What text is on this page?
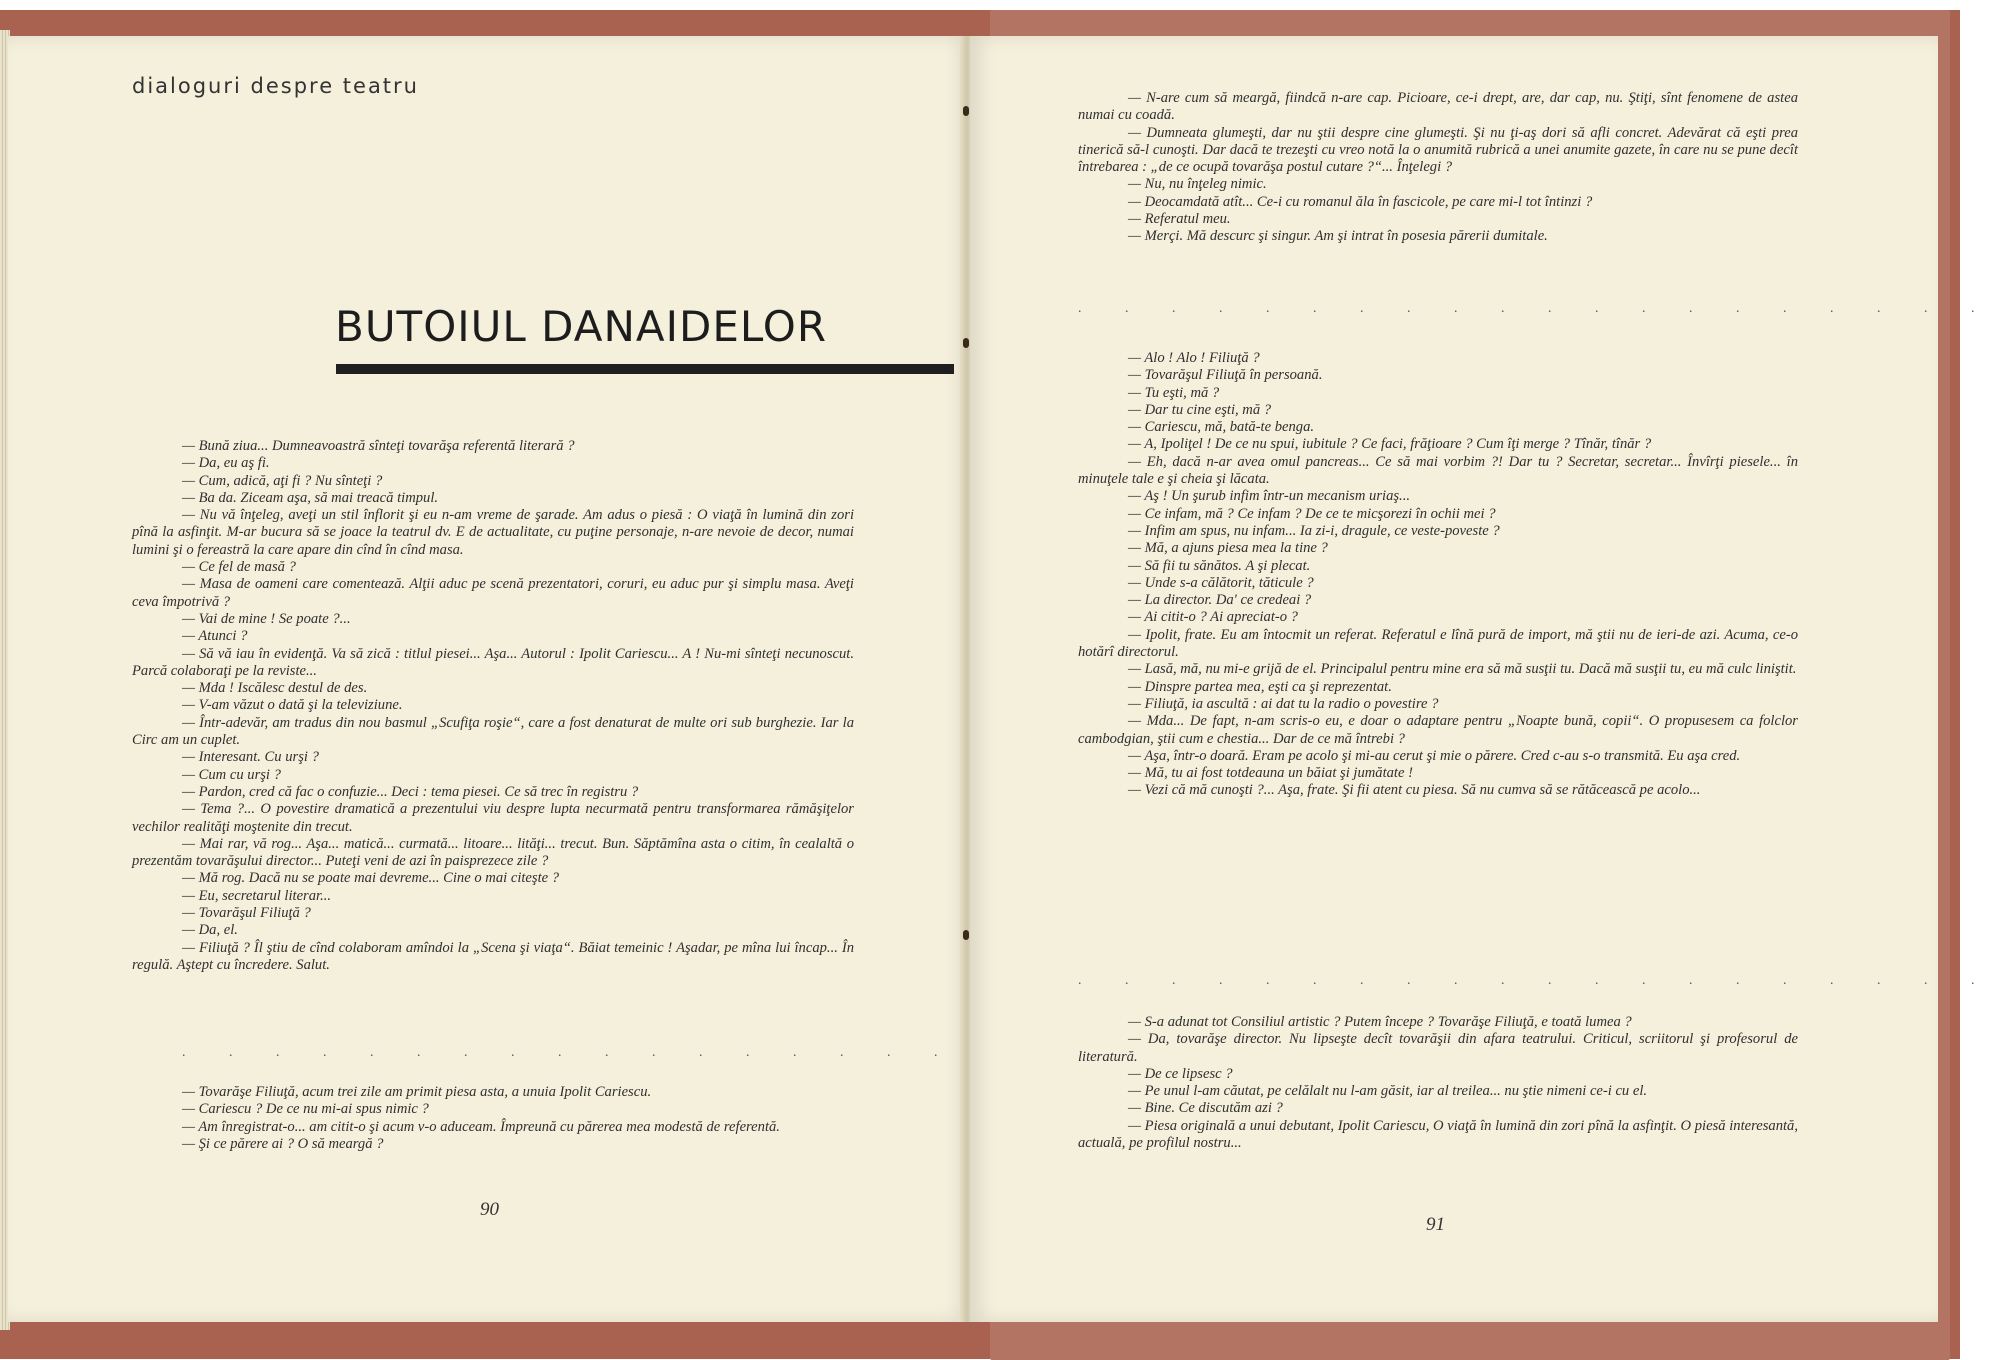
dialoguri despre teatru
BUTOIUL DANAIDELOR

— Bună ziua... Dumneavoastră sînteţi tovarăşa referentă literară ?

— Da, eu aş fi.

— Cum, adică, aţi fi ? Nu sînteţi ?

— Ba da. Ziceam aşa, să mai treacă timpul.

— Nu vă înţeleg, aveţi un stil înflorit şi eu n-am vreme de şarade. Am adus o piesă : O viaţă în lumină din zori pînă la asfinţit. M-ar bucura să se joace la teatrul dv. E de actualitate, cu puţine personaje, n-are nevoie de decor, numai lumini şi o fereastră la care apare din cînd în cînd masa.

— Ce fel de masă ?

— Masa de oameni care comentează. Alţii aduc pe scenă prezentatori, coruri, eu aduc pur şi simplu masa. Aveţi ceva împotrivă ?

— Vai de mine ! Se poate ?...

— Atunci ?

— Să vă iau în evidenţă. Va să zică : titlul piesei... Aşa... Autorul : Ipolit Cariescu... A ! Nu-mi sînteţi necunoscut. Parcă colaboraţi pe la reviste...

— Mda ! Iscălesc destul de des.

— V-am văzut o dată şi la televiziune.

— Într-adevăr, am tradus din nou basmul „Scufiţa roşie“, care a fost denaturat de multe ori sub burghezie. Iar la Circ am un cuplet.

— Interesant. Cu urşi ?

— Cum cu urşi ?

— Pardon, cred că fac o confuzie... Deci : tema piesei. Ce să trec în registru ?

— Tema ?... O povestire dramatică a prezentului viu despre lupta necurmată pentru transformarea rămăşiţelor vechilor realităţi moştenite din trecut.

— Mai rar, vă rog... Aşa... matică... curmată... litoare... lităţi... trecut. Bun. Săptămîna asta o citim, în cealaltă o prezentăm tovarăşului director... Puteţi veni de azi în paisprezece zile ?

— Mă rog. Dacă nu se poate mai devreme... Cine o mai citeşte ?

— Eu, secretarul literar...

— Tovarăşul Filiuţă ?

— Da, el.

— Filiuţă ? Îl ştiu de cînd colaboram amîndoi la „Scena şi viaţa“. Băiat temeinic ! Aşadar, pe mîna lui încap... În regulă. Aştept cu încredere. Salut.

. . . . . . . . . . . . . . . . .

— Tovarăşe Filiuţă, acum trei zile am primit piesa asta, a unuia Ipolit Cariescu.

— Cariescu ? De ce nu mi-ai spus nimic ?

— Am înregistrat-o... am citit-o şi acum v-o aduceam. Împreună cu părerea mea modestă de referentă.

— Şi ce părere ai ? O să meargă ?

90

— N-are cum să meargă, fiindcă n-are cap. Picioare, ce-i drept, are, dar cap, nu. Ştiţi, sînt fenomene de astea numai cu coadă.

— Dumneata glumeşti, dar nu ştii despre cine glumeşti. Şi nu ţi-aş dori să afli concret. Adevărat că eşti prea tinerică să-l cunoşti. Dar dacă te trezeşti cu vreo notă la o anumită rubrică a unei anumite gazete, în care nu se pune decît întrebarea : „de ce ocupă tovarăşa postul cutare ?“... Înţelegi ?

— Nu, nu înţeleg nimic.

— Deocamdată atît... Ce-i cu romanul ăla în fascicole, pe care mi-l tot întinzi ?

— Referatul meu.

— Merçi. Mă descurc şi singur. Am şi intrat în posesia părerii dumitale.

. . . . . . . . . . . . . . . . . . . .

— Alo ! Alo ! Filiuţă ?

— Tovarăşul Filiuţă în persoană.

— Tu eşti, mă ?

— Dar tu cine eşti, mă ?

— Cariescu, mă, bată-te benga.

— A, Ipoliţel ! De ce nu spui, iubitule ? Ce faci, frăţioare ? Cum îţi merge ? Tînăr, tînăr ?

— Eh, dacă n-ar avea omul pancreas... Ce să mai vorbim ?! Dar tu ? Secretar, secretar... Învîrţi piesele... în minuţele tale e şi cheia şi lăcata.

— Aş ! Un şurub infim într-un mecanism uriaş...

— Ce infam, mă ? Ce infam ? De ce te micşorezi în ochii mei ?

— Infim am spus, nu infam... Ia zi-i, dragule, ce veste-poveste ?

— Mă, a ajuns piesa mea la tine ?

— Să fii tu sănătos. A şi plecat.

— Unde s-a călătorit, tăticule ?

— La director. Da' ce credeai ?

— Ai citit-o ? Ai apreciat-o ?

— Ipolit, frate. Eu am întocmit un referat. Referatul e lînă pură de import, mă ştii nu de ieri-de azi. Acuma, ce-o hotărî directorul.

— Lasă, mă, nu mi-e grijă de el. Principalul pentru mine era să mă susţii tu. Dacă mă susţii tu, eu mă culc liniştit.

— Dinspre partea mea, eşti ca şi reprezentat.

— Filiuţă, ia ascultă : ai dat tu la radio o povestire ?

— Mda... De fapt, n-am scris-o eu, e doar o adaptare pentru „Noapte bună, copii“. O propusesem ca folclor cambodgian, ştii cum e chestia... Dar de ce mă întrebi ?

— Aşa, într-o doară. Eram pe acolo şi mi-au cerut şi mie o părere. Cred c-au s-o transmită. Eu aşa cred.

— Mă, tu ai fost totdeauna un băiat şi jumătate !

— Vezi că mă cunoşti ?... Aşa, frate. Şi fii atent cu piesa. Să nu cumva să se rătăcească pe acolo...

. . . . . . . . . . . . . . . . . . . .

— S-a adunat tot Consiliul artistic ? Putem începe ? Tovarăşe Filiuţă, e toată lumea ?

— Da, tovarăşe director. Nu lipseşte decît tovarăşii din afara teatrului. Criticul, scriitorul şi profesorul de literatură.

— De ce lipsesc ?

— Pe unul l-am căutat, pe celălalt nu l-am găsit, iar al treilea... nu ştie nimeni ce-i cu el.

— Bine. Ce discutăm azi ?

— Piesa originală a unui debutant, Ipolit Cariescu, O viaţă în lumină din zori pînă la asfinţit. O piesă interesantă, actuală, pe profilul nostru...

91
